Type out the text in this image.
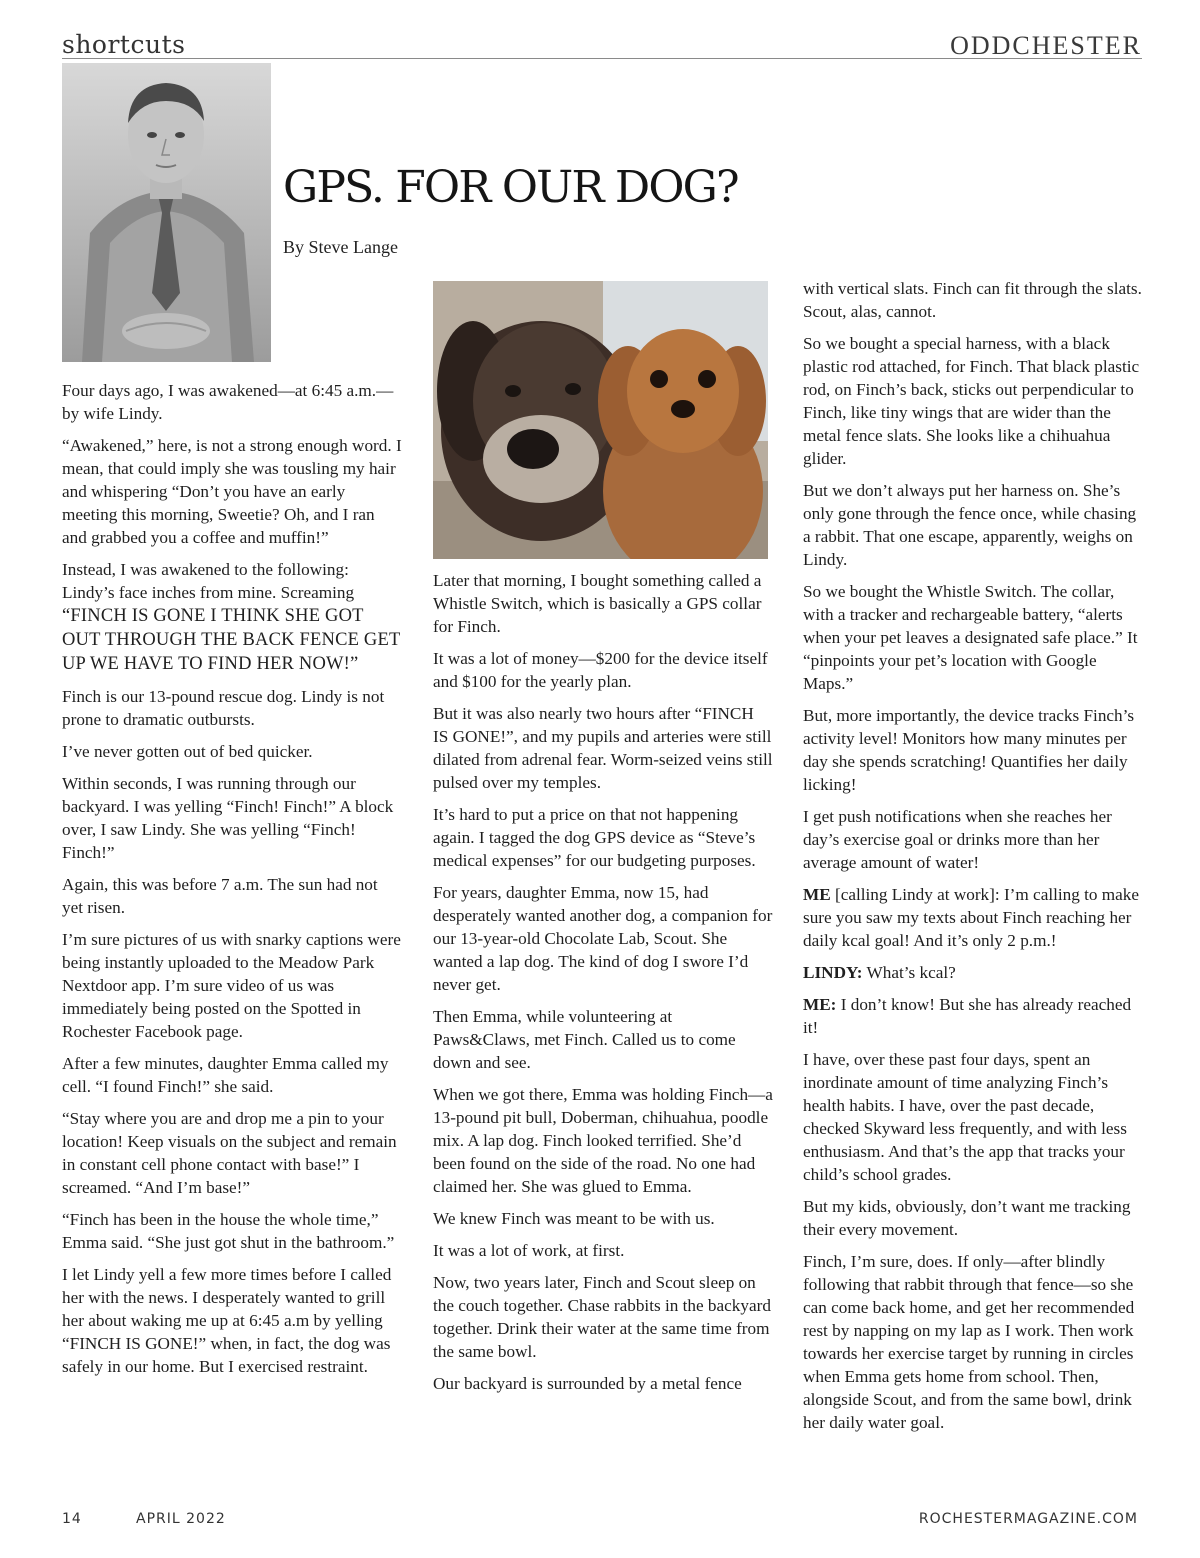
shortcuts	ODDCHESTER
GPS. FOR OUR DOG?
By Steve Lange

Four days ago, I was awakened—at 6:45 a.m.—by wife Lindy.

“Awakened,” here, is not a strong enough word. I mean, that could imply she was tousling my hair and whispering “Don’t you have an early meeting this morning, Sweetie? Oh, and I ran and grabbed you a coffee and muffin!”

Instead, I was awakened to the following: Lindy’s face inches from mine. Screaming “FINCH IS GONE I THINK SHE GOT OUT THROUGH THE BACK FENCE GET UP WE HAVE TO FIND HER NOW!”

Finch is our 13-pound rescue dog. Lindy is not prone to dramatic outbursts.

I’ve never gotten out of bed quicker.

Within seconds, I was running through our backyard. I was yelling “Finch! Finch!” A block over, I saw Lindy. She was yelling “Finch! Finch!”

Again, this was before 7 a.m. The sun had not yet risen.

I’m sure pictures of us with snarky captions were being instantly uploaded to the Meadow Park Nextdoor app. I’m sure video of us was immediately being posted on the Spotted in Rochester Facebook page.

After a few minutes, daughter Emma called my cell. “I found Finch!” she said.

“Stay where you are and drop me a pin to your location! Keep visuals on the subject and remain in constant cell phone contact with base!” I screamed. “And I’m base!”

“Finch has been in the house the whole time,” Emma said. “She just got shut in the bathroom.”

I let Lindy yell a few more times before I called her with the news. I desperately wanted to grill her about waking me up at 6:45 a.m by yelling “FINCH IS GONE!” when, in fact, the dog was safely in our home. But I exercised restraint.

Later that morning, I bought something called a Whistle Switch, which is basically a GPS collar for Finch.

It was a lot of money—$200 for the device itself and $100 for the yearly plan.

But it was also nearly two hours after “FINCH IS GONE!”, and my pupils and arteries were still dilated from adrenal fear. Worm-seized veins still pulsed over my temples.

It’s hard to put a price on that not happening again. I tagged the dog GPS device as “Steve’s medical expenses” for our budgeting purposes.

For years, daughter Emma, now 15, had desperately wanted another dog, a companion for our 13-year-old Chocolate Lab, Scout. She wanted a lap dog. The kind of dog I swore I’d never get.

Then Emma, while volunteering at Paws&Claws, met Finch. Called us to come down and see.

When we got there, Emma was holding Finch—a 13-pound pit bull, Doberman, chihuahua, poodle mix. A lap dog. Finch looked terrified. She’d been found on the side of the road. No one had claimed her. She was glued to Emma.

We knew Finch was meant to be with us.

It was a lot of work, at first.

Now, two years later, Finch and Scout sleep on the couch together. Chase rabbits in the backyard together. Drink their water at the same time from the same bowl.

Our backyard is surrounded by a metal fence

with vertical slats. Finch can fit through the slats. Scout, alas, cannot.

So we bought a special harness, with a black plastic rod attached, for Finch. That black plastic rod, on Finch’s back, sticks out perpendicular to Finch, like tiny wings that are wider than the metal fence slats. She looks like a chihuahua glider.

But we don’t always put her harness on. She’s only gone through the fence once, while chasing a rabbit. That one escape, apparently, weighs on Lindy.

So we bought the Whistle Switch. The collar, with a tracker and rechargeable battery, “alerts when your pet leaves a designated safe place.” It “pinpoints your pet’s location with Google Maps.”

But, more importantly, the device tracks Finch’s activity level! Monitors how many minutes per day she spends scratching! Quantifies her daily licking!

I get push notifications when she reaches her day’s exercise goal or drinks more than her average amount of water!

ME [calling Lindy at work]: I’m calling to make sure you saw my texts about Finch reaching her daily kcal goal! And it’s only 2 p.m.!

LINDY: What’s kcal?

ME: I don’t know! But she has already reached it!

I have, over these past four days, spent an inordinate amount of time analyzing Finch’s health habits. I have, over the past decade, checked Skyward less frequently, and with less enthusiasm. And that’s the app that tracks your child’s school grades.

But my kids, obviously, don’t want me tracking their every movement.

Finch, I’m sure, does. If only—after blindly following that rabbit through that fence—so she can come back home, and get her recommended rest by napping on my lap as I work. Then work towards her exercise target by running in circles when Emma gets home from school. Then, alongside Scout, and from the same bowl, drink her daily water goal.

14	APRIL 2022	ROCHESTERMAGAZINE.COM
